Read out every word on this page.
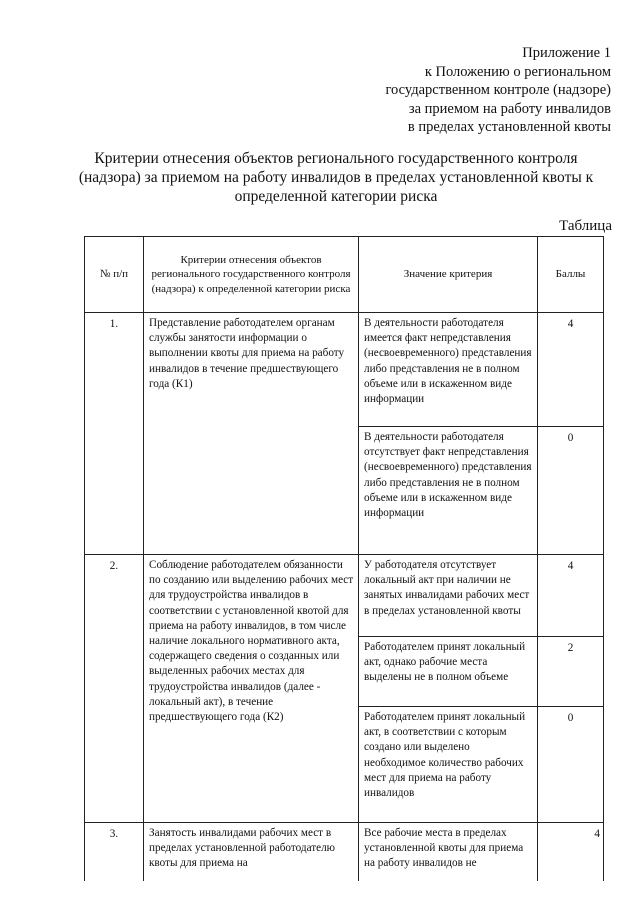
Приложение 1
к Положению о региональном
государственном контроле (надзоре)
за приемом на работу инвалидов
в пределах установленной квоты
Критерии отнесения объектов регионального государственного контроля
(надзора) за приемом на работу инвалидов в пределах установленной квоты к
определенной категории риска
Таблица
№ п/п	Критерии отнесения объектов регионального государственного контроля (надзора) к определенной категории риска	Значение критерия	Баллы
1.	Представление работодателем органам службы занятости информации о выполнении квоты для приема на работу инвалидов в течение предшествующего года (К1)	В деятельности работодателя имеется факт непредставления (несвоевременного) представления либо представления не в полном объеме или в искаженном виде информации	4
		В деятельности работодателя отсутствует факт непредставления (несвоевременного) представления либо представления не в полном объеме или в искаженном виде информации	0
2.	Соблюдение работодателем обязанности по созданию или выделению рабочих мест для трудоустройства инвалидов в соответствии с установленной квотой для приема на работу инвалидов, в том числе наличие локального нормативного акта, содержащего сведения о созданных или выделенных рабочих местах для трудоустройства инвалидов (далее - локальный акт), в течение предшествующего года (К2)	У работодателя отсутствует локальный акт при наличии не занятых инвалидами рабочих мест в пределах установленной квоты	4
		Работодателем принят локальный акт, однако рабочие места выделены не в полном объеме	2
		Работодателем принят локальный акт, в соответствии с которым создано или выделено необходимое количество рабочих мест для приема на работу инвалидов	0
3.	Занятость инвалидами рабочих мест в пределах установленной работодателю квоты для приема на	Все рабочие места в пределах установленной квоты для приема на работу инвалидов не	4
